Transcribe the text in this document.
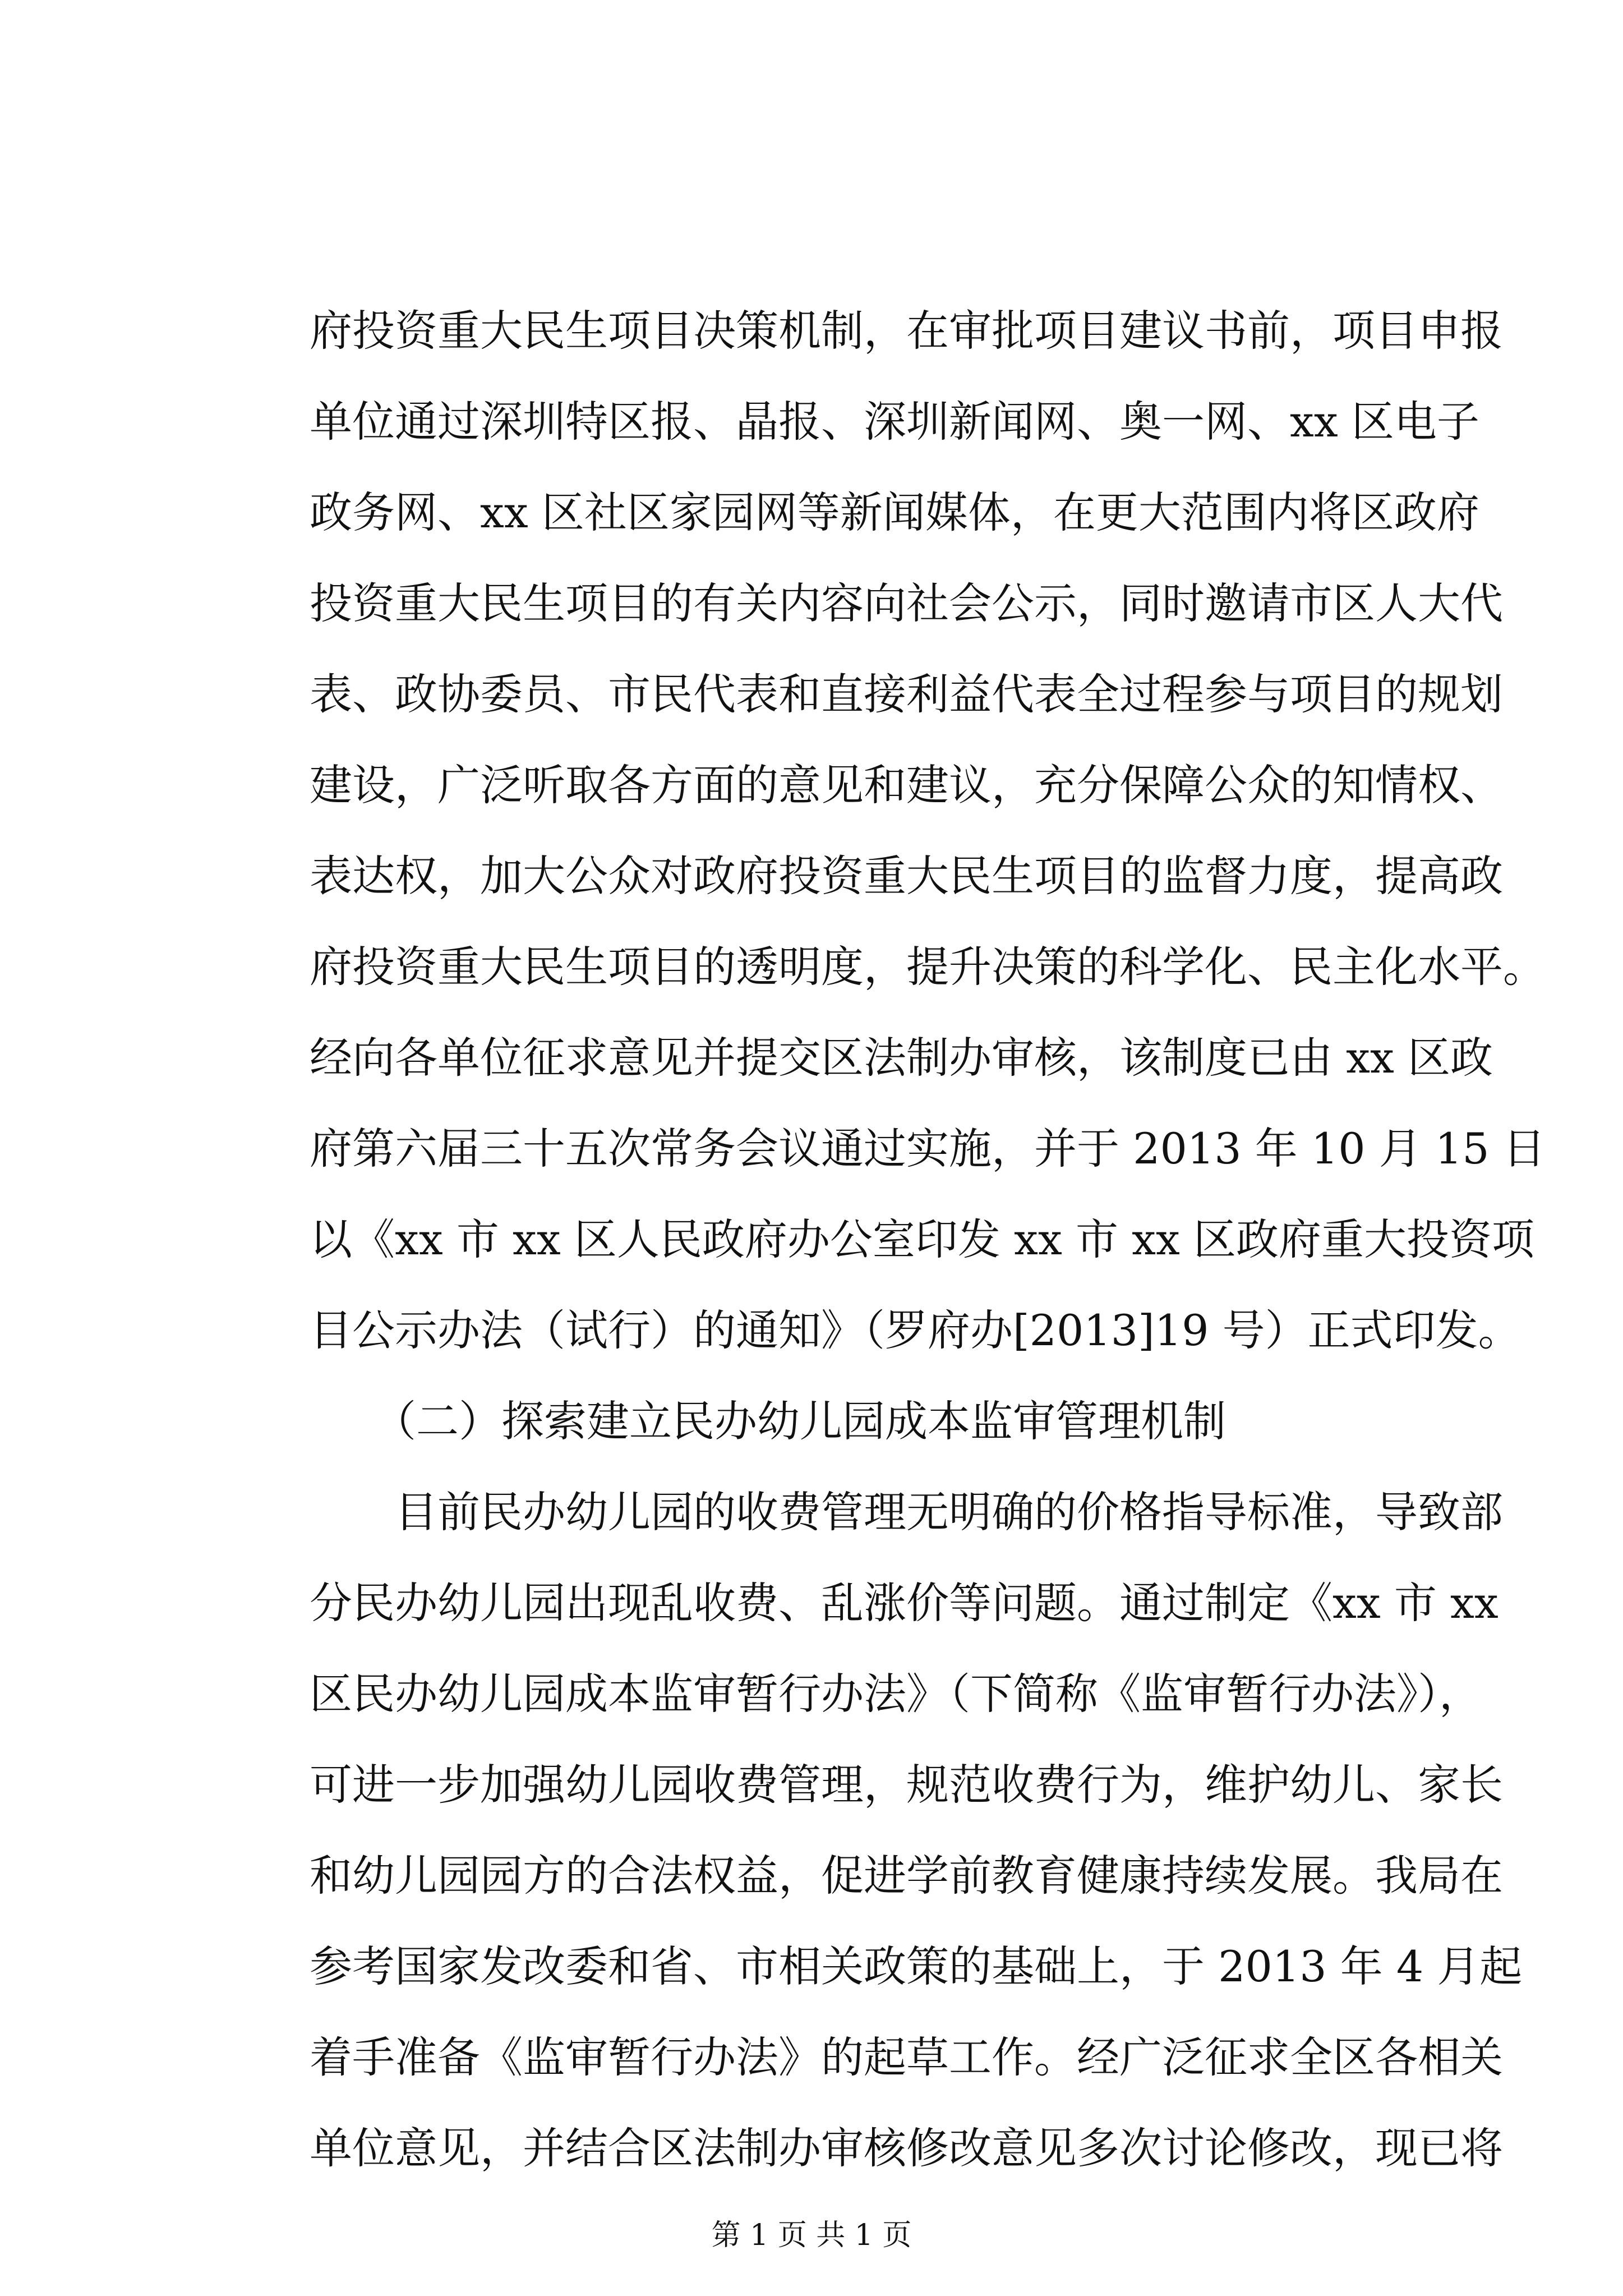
府投资重大民生项目决策机制，在审批项目建议书前，项目申报
单位通过深圳特区报、晶报、深圳新闻网、奥一网、xx 区电子
政务网、xx 区社区家园网等新闻媒体，在更大范围内将区政府
投资重大民生项目的有关内容向社会公示，同时邀请市区人大代
表、政协委员、市民代表和直接利益代表全过程参与项目的规划
建设，广泛听取各方面的意见和建议，充分保障公众的知情权、
表达权，加大公众对政府投资重大民生项目的监督力度，提高政
府投资重大民生项目的透明度，提升决策的科学化、民主化水平。
经向各单位征求意见并提交区法制办审核，该制度已由 xx 区政
府第六届三十五次常务会议通过实施，并于 2013 年 10 月 15 日
以《xx 市 xx 区人民政府办公室印发 xx 市 xx 区政府重大投资项
目公示办法（试行）的通知》（罗府办[2013]19 号）正式印发。
　　（二）探索建立民办幼儿园成本监审管理机制
　　目前民办幼儿园的收费管理无明确的价格指导标准，导致部
分民办幼儿园出现乱收费、乱涨价等问题。通过制定《xx 市 xx
区民办幼儿园成本监审暂行办法》（下简称《监审暂行办法》），
可进一步加强幼儿园收费管理，规范收费行为，维护幼儿、家长
和幼儿园园方的合法权益，促进学前教育健康持续发展。我局在
参考国家发改委和省、市相关政策的基础上，于 2013 年 4 月起
着手准备《监审暂行办法》的起草工作。经广泛征求全区各相关
单位意见，并结合区法制办审核修改意见多次讨论修改，现已将
第 1 页 共 1 页
